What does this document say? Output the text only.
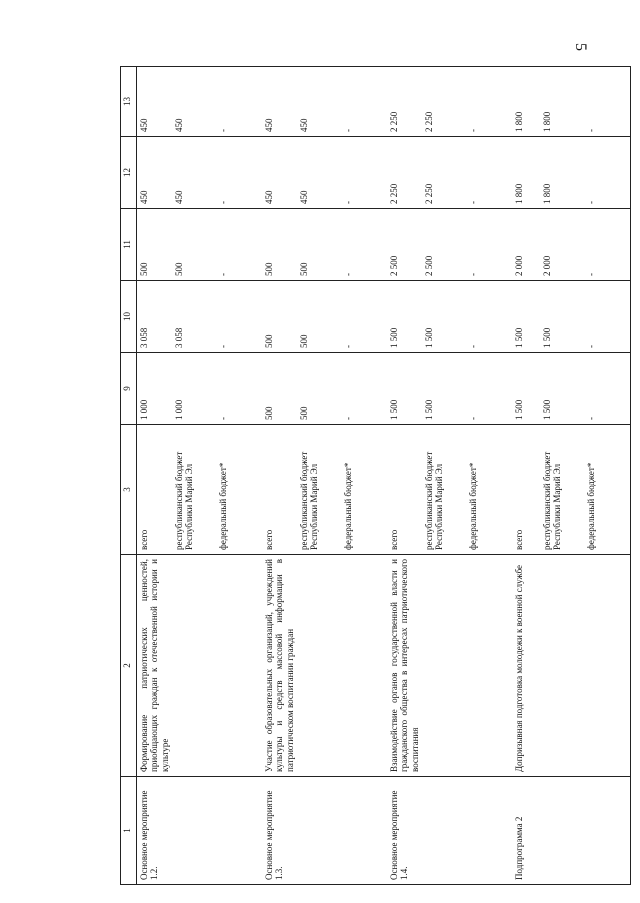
5
1	2	3	9	10	11	12	13
Основное мероприятие 1.2.	Формирование патриотических ценностей, приобщающих граждан к отечественной истории и культуре	всего	1 000	3 058	500	450	450
		республиканский бюджет Республики Марий Эл	1 000	3 058	500	450	450
		федеральный бюджет*	-	-	-	-	-
Основное мероприятие 1.3.	Участие образовательных организаций, учреждений культуры и средств массовой информации в патриотическом воспитании граждан	всего	500	500	500	450	450
		республиканский бюджет Республики Марий Эл	500	500	500	450	450
		федеральный бюджет*	-	-	-	-	-
Основное мероприятие 1.4.	Взаимодействие органов государственной власти и гражданского общества в интересах патриотического воспитания	всего	1 500	1 500	2 500	2 250	2 250
		республиканский бюджет Республики Марий Эл	1 500	1 500	2 500	2 250	2 250
		федеральный бюджет*	-	-	-	-	-
Подпрограмма 2	Допризывная подготовка молодежи к военной службе	всего	1 500	1 500	2 000	1 800	1 800
		республиканский бюджет Республики Марий Эл	1 500	1 500	2 000	1 800	1 800
		федеральный бюджет*	-	-	-	-	-
